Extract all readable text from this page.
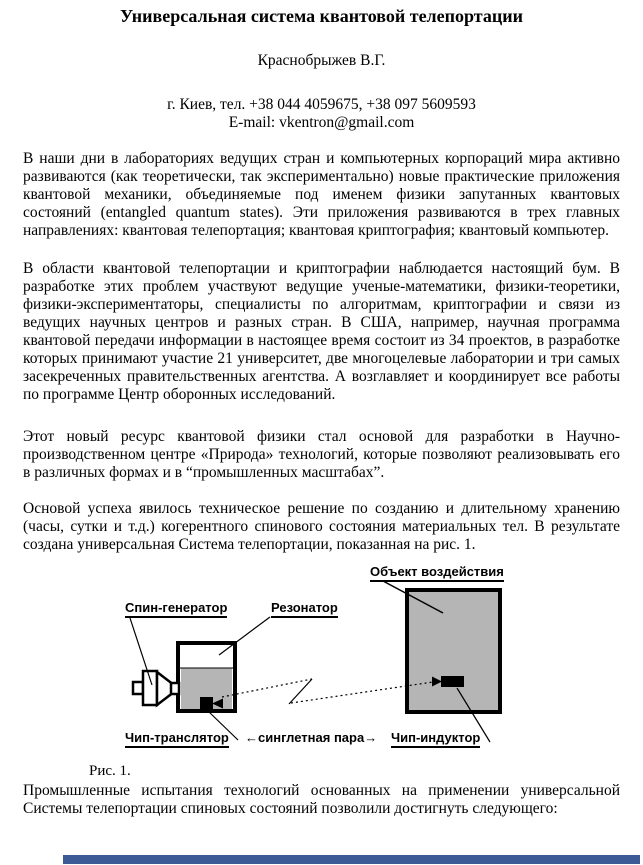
Универсальная система квантовой телепортации
Краснобрыжев В.Г.
г. Киев, тел. +38 044 4059675, +38 097 5609593
E-mail: vkentron@gmail.com

В наши дни в лабораториях ведущих стран и компьютерных корпораций мира активно развиваются (как теоретически, так экспериментально) новые практические приложения квантовой механики, объединяемые под именем физики запутанных квантовых состояний (entangled quantum states). Эти приложения развиваются в трех главных направлениях: квантовая телепортация; квантовая криптография; квантовый компьютер.

В области квантовой телепортации и криптографии наблюдается настоящий бум. В разработке этих проблем участвуют ведущие ученые-математики, физики-теоретики, физики-экспериментаторы, специалисты по алгоритмам, криптографии и связи из ведущих научных центров и разных стран. В США, например, научная программа квантовой передачи информации в настоящее время состоит из 34 проектов, в разработке которых принимают участие 21 университет, две многоцелевые лаборатории и три самых засекреченных правительственных агентства. А возглавляет и координирует все работы по программе Центр оборонных исследований.

Этот новый ресурс квантовой физики стал основой для разработки в Научно-производственном центре «Природа» технологий, которые позволяют реализовывать его в различных формах и в “промышленных масштабах”.

Основой успеха явилось техническое решение по созданию и длительному хранению (часы, сутки и т.д.) когерентного спинового состояния материальных тел. В результате создана универсальная Система телепортации, показанная на рис. 1.

Объект воздействия
Спин-генератор	Резонатор
Чип-транслятор ←синглетная пара→ Чип-индуктор
Рис. 1.

Промышленные испытания технологий основанных на применении универсальной Системы телепортации спиновых состояний позволили достигнуть следующего:
